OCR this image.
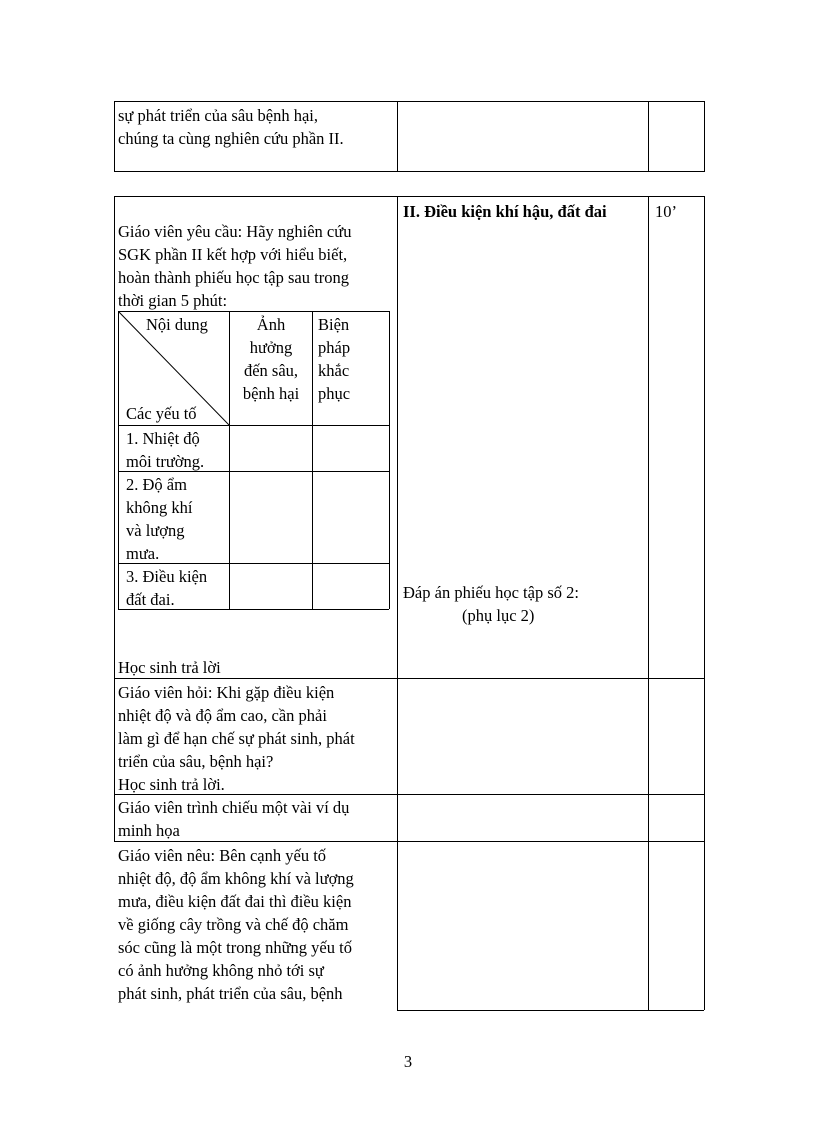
sự phát triển của sâu bệnh hại,
chúng ta cùng nghiên cứu phần II.
II. Điều kiện khí hậu, đất đai	10’
Giáo viên yêu cầu: Hãy nghiên cứu
SGK phần II kết hợp với hiểu biết,
hoàn thành phiếu học tập sau trong
thời gian 5 phút:
Nội dung
Các yếu tố
Ảnh
hưởng
đến sâu,
bệnh hại
Biện
pháp
khắc
phục
1. Nhiệt độ
môi trường.
2. Độ ẩm
không khí
và lượng
mưa.
3. Điều kiện
đất đai.
Học sinh trả lời
Đáp án phiếu học tập số 2:
(phụ lục 2)
Giáo viên hỏi: Khi gặp điều kiện
nhiệt độ và độ ẩm cao, cần phải
làm gì để hạn chế sự phát sinh, phát
triển của sâu, bệnh hại?
Học sinh trả lời.
Giáo viên trình chiếu một vài ví dụ
minh họa
Giáo viên nêu: Bên cạnh yếu tố
nhiệt độ, độ ẩm không khí và lượng
mưa, điều kiện đất đai thì điều kiện
về giống cây trồng và chế độ chăm
sóc cũng là một trong những yếu tố
có ảnh hưởng không nhỏ tới sự
phát sinh, phát triển của sâu, bệnh
3
